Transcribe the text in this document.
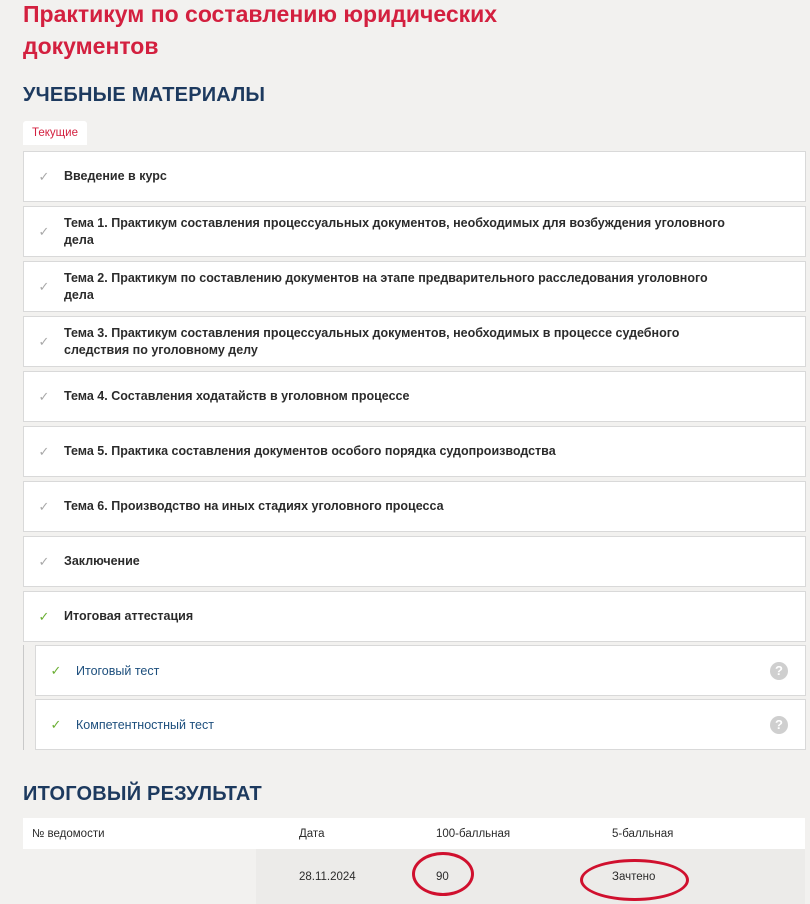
Практикум по составлению юридических документов
УЧЕБНЫЕ МАТЕРИАЛЫ
Текущие
✓	Введение в курс
✓
Тема 1. Практикум составления процессуальных документов, необходимых для возбуждения уголовного дела
✓
Тема 2. Практикум по составлению документов на этапе предварительного расследования уголовного дела
✓
Тема 3. Практикум составления процессуальных документов, необходимых в процессе судебного следствия по уголовному делу
✓	Тема 4. Составления ходатайств в уголовном процессе
✓	Тема 5. Практика составления документов особого порядка судопроизводства
✓	Тема 6. Производство на иных стадиях уголовного процесса
✓	Заключение
✓	Итоговая аттестация
✓	Итоговый тест	?
✓	Компетентностный тест	?
ИТОГОВЫЙ РЕЗУЛЬТАТ
№ ведомости	Дата	100-балльная	5-балльная
	28.11.2024	90	Зачтено
